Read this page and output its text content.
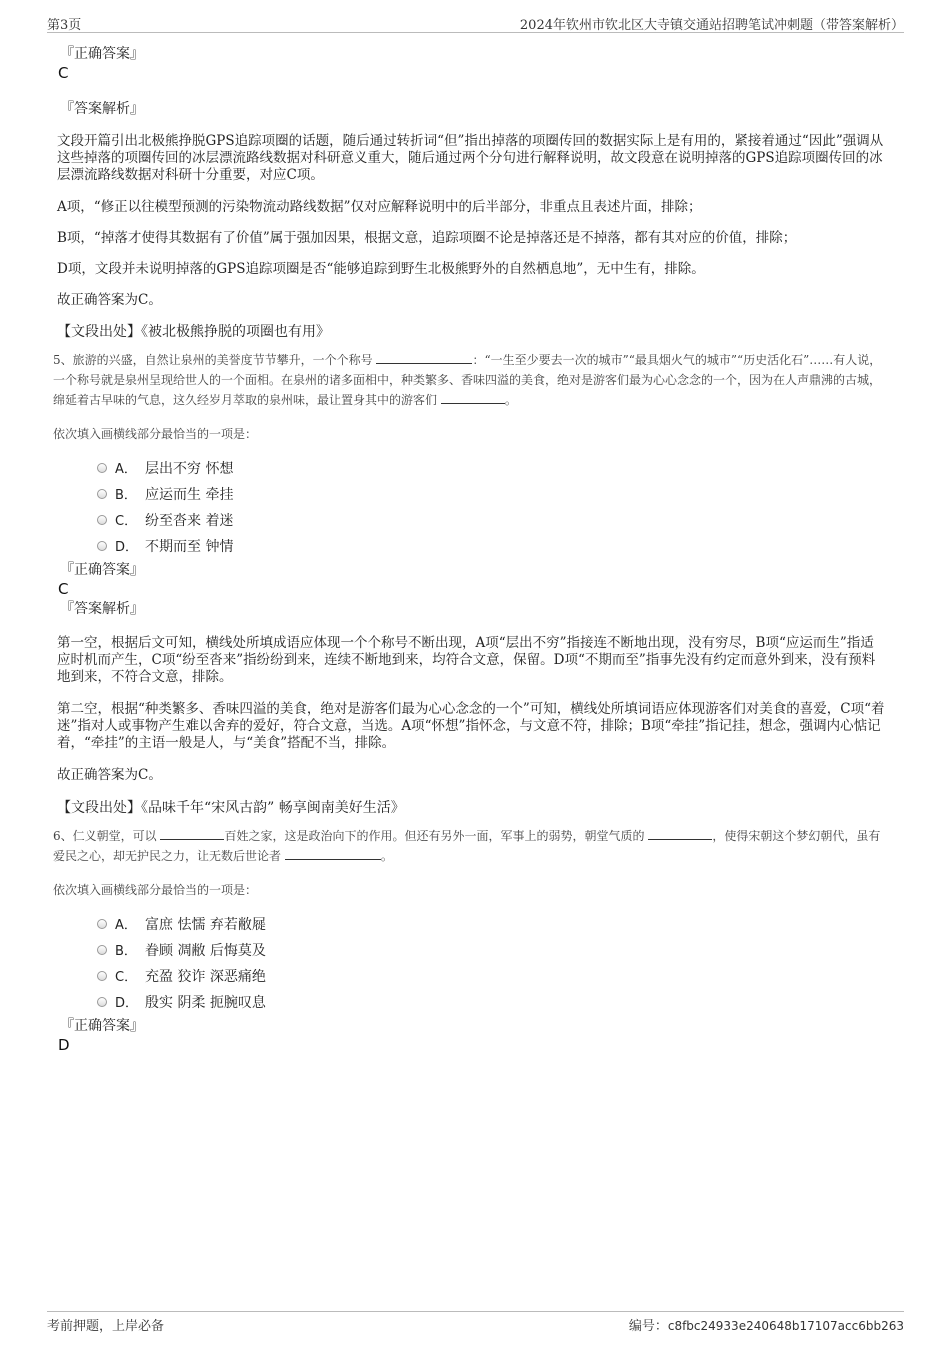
第3页	2024年钦州市钦北区大寺镇交通站招聘笔试冲刺题（带答案解析）
『正确答案』
C
『答案解析』

文段开篇引出北极熊挣脱GPS追踪项圈的话题，随后通过转折词“但”指出掉落的项圈传回的数据实际上是有用的，紧接着通过“因此”强调从这些掉落的项圈传回的冰层漂流路线数据对科研意义重大，随后通过两个分句进行解释说明，故文段意在说明掉落的GPS追踪项圈传回的冰层漂流路线数据对科研十分重要，对应C项。

A项，“修正以往模型预测的污染物流动路线数据”仅对应解释说明中的后半部分，非重点且表述片面，排除；

B项，“掉落才使得其数据有了价值”属于强加因果，根据文意，追踪项圈不论是掉落还是不掉落，都有其对应的价值，排除；

D项，文段并未说明掉落的GPS追踪项圈是否“能够追踪到野生北极熊野外的自然栖息地”，无中生有，排除。

故正确答案为C。

【文段出处】《被北极熊挣脱的项圈也有用》
5、旅游的兴盛，自然让泉州的美誉度节节攀升，一个个称号	：“一生至少要去一次的城市”“最具烟火气的城市”“历史活化石”……有人说，一个称号就是泉州呈现给世人的一个面相。在泉州的诸多面相中，种类繁多、香味四溢的美食，绝对是游客们最为心心念念的一个，因为在人声鼎沸的古城，绵延着古早味的气息，这久经岁月萃取的泉州味，最让置身其中的游客们	。
依次填入画横线部分最恰当的一项是：
A． 层出不穷 怀想
B． 应运而生 牵挂
C． 纷至沓来 着迷
D． 不期而至 钟情
『正确答案』
C
『答案解析』

第一空，根据后文可知，横线处所填成语应体现一个个称号不断出现，A项“层出不穷”指接连不断地出现，没有穷尽，B项“应运而生”指适应时机而产生，C项“纷至沓来”指纷纷到来，连续不断地到来，均符合文意，保留。D项“不期而至”指事先没有约定而意外到来，没有预料地到来，不符合文意，排除。

第二空，根据“种类繁多、香味四溢的美食，绝对是游客们最为心心念念的一个”可知，横线处所填词语应体现游客们对美食的喜爱，C项“着迷”指对人或事物产生难以舍弃的爱好，符合文意，当选。A项“怀想”指怀念，与文意不符，排除；B项“牵挂”指记挂，想念，强调内心惦记着，“牵挂”的主语一般是人，与“美食”搭配不当，排除。

故正确答案为C。

【文段出处】《品味千年“宋风古韵” 畅享闽南美好生活》
6、仁义朝堂，可以	百姓之家，这是政治向下的作用。但还有另外一面，军事上的弱势，朝堂气质的	，使得宋朝这个梦幻朝代，虽有爱民之心，却无护民之力，让无数后世论者	。
依次填入画横线部分最恰当的一项是：
A． 富庶 怯懦 弃若敝屣
B． 眷顾 凋敝 后悔莫及
C． 充盈 狡诈 深恶痛绝
D． 殷实 阴柔 扼腕叹息
『正确答案』
D
考前押题，上岸必备	编号：c8fbc24933e240648b17107acc6bb263
